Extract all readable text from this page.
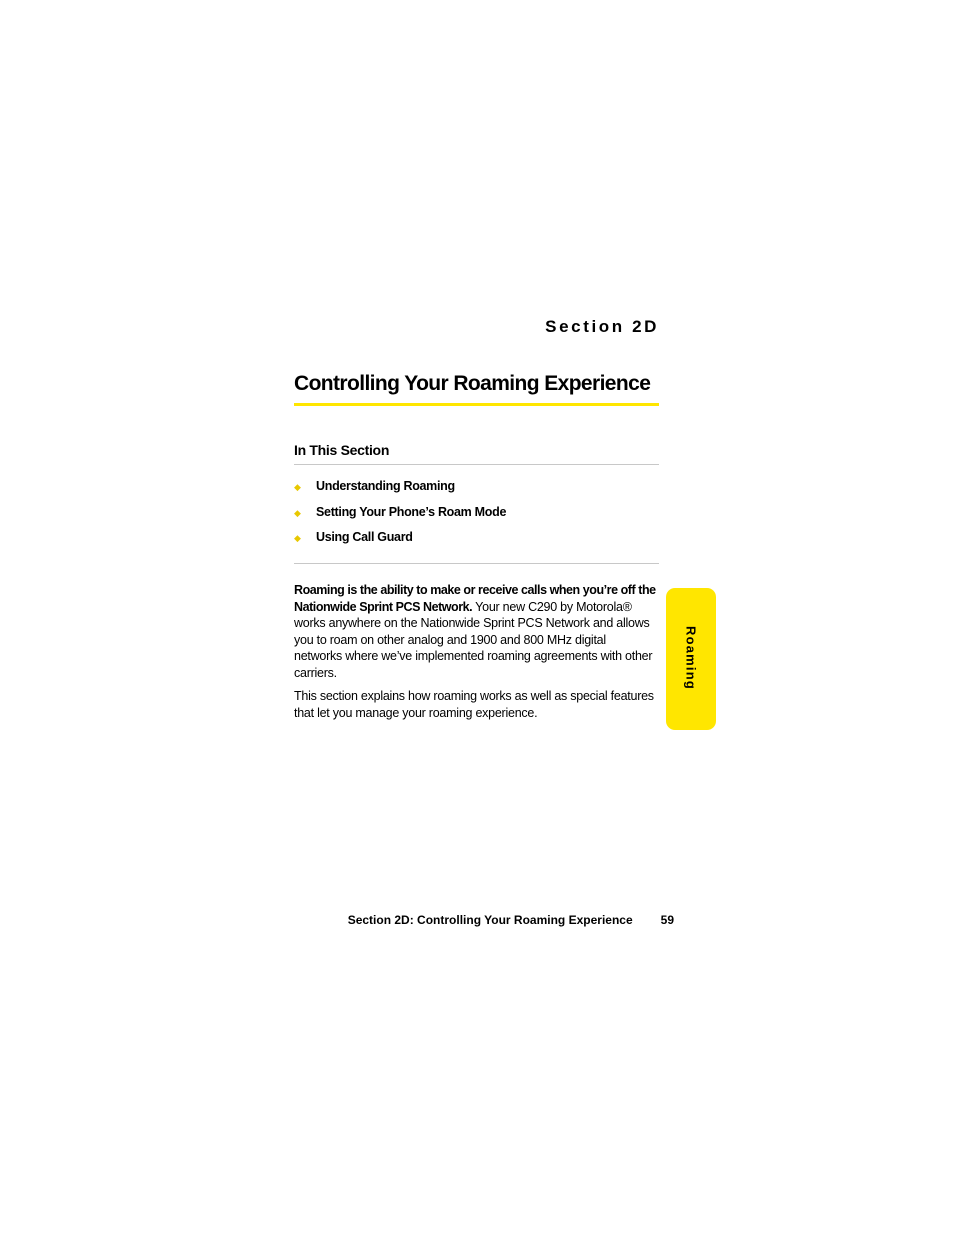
Section 2D
Controlling Your Roaming Experience
In This Section
◆	Understanding Roaming
◆	Setting Your Phone’s Roam Mode
◆	Using Call Guard

Roaming is the ability to make or receive calls when you’re off the Nationwide Sprint PCS Network. Your new C290 by Motorola® works anywhere on the Nationwide Sprint PCS Network and allows you to roam on other analog and 1900 and 800 MHz digital networks where we’ve implemented roaming agreements with other carriers.

This section explains how roaming works as well as special features that let you manage your roaming experience.

Roaming
Section 2D: Controlling Your Roaming Experience 59
